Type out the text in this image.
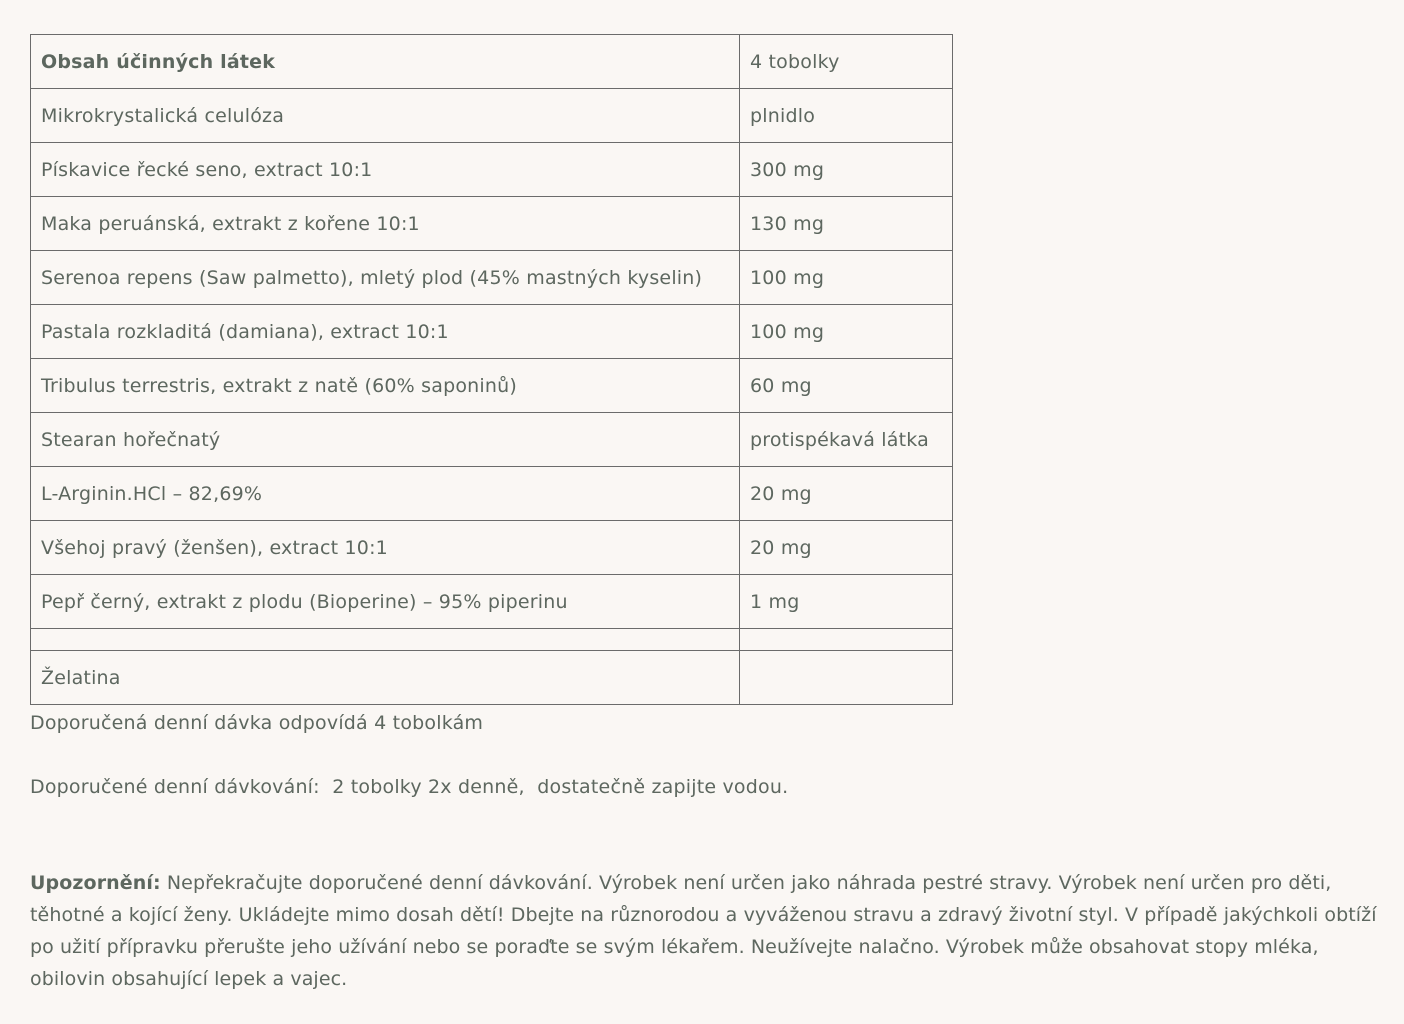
Obsah účinných látek	4 tobolky
Mikrokrystalická celulóza	plnidlo
Pískavice řecké seno, extract 10:1	300 mg
Maka peruánská, extrakt z kořene 10:1	130 mg
Serenoa repens (Saw palmetto), mletý plod (45% mastných kyselin)	100 mg
Pastala rozkladitá (damiana), extract 10:1	100 mg
Tribulus terrestris, extrakt z natě (60% saponinů)	60 mg
Stearan hořečnatý	protispékavá látka
L-Arginin.HCl – 82,69%	20 mg
Všehoj pravý (ženšen), extract 10:1	20 mg
Pepř černý, extrakt z plodu (Bioperine) – 95% piperinu	1 mg

Želatina	

Doporučená denní dávka odpovídá 4 tobolkám

Doporučené denní dávkování:  2 tobolky 2x denně,  dostatečně zapijte vodou.

Upozornění: Nepřekračujte doporučené denní dávkování. Výrobek není určen jako náhrada pestré stravy. Výrobek není určen pro děti, těhotné a kojící ženy. Ukládejte mimo dosah dětí! Dbejte na různorodou a vyváženou stravu a zdravý životní styl. V případě jakýchkoli obtíží po užití přípravku přerušte jeho užívání nebo se poraďte se svým lékařem. Neužívejte nalačno. Výrobek může obsahovat stopy mléka, obilovin obsahující lepek a vajec.
